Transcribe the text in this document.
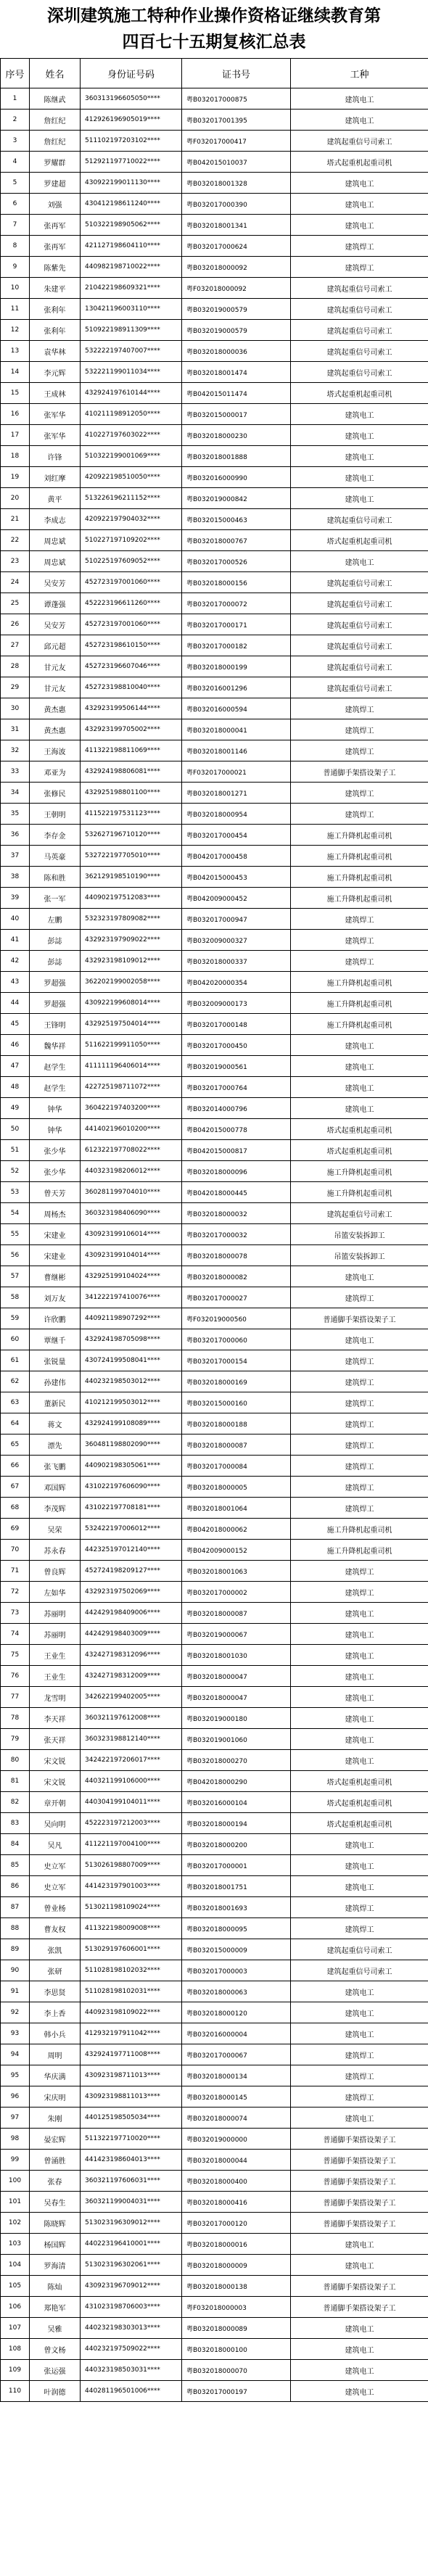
深圳建筑施工特种作业操作资格证继续教育第
四百七十五期复核汇总表
序号	姓名	身份证号码	证书号	工种
1	陈继武	360313196605050****	粤B032017000875	建筑电工
2	詹红纪	412926196905019****	粤B032017001395	建筑电工
3	詹红纪	511102197203102****	粤F032017000417	建筑起重信号司索工
4	罗耀群	512921197710022****	粤B042015010037	塔式起重机起重司机
5	罗建超	430922199011130****	粤B032018001328	建筑电工
6	刘强	430412198611240****	粤B032017000390	建筑电工
7	张再军	510322198905062****	粤B032018001341	建筑电工
8	张再军	421127198604110****	粤B032017000624	建筑焊工
9	陈紫先	440982198710022****	粤B032018000092	建筑焊工
10	朱建平	210422198609321****	粤F032018000092	建筑起重信号司索工
11	张利年	130421196003110****	粤B032019000579	建筑起重信号司索工
12	张利年	510922198911309****	粤B032019000579	建筑起重信号司索工
13	袁华林	532222197407007****	粤B032018000036	建筑起重信号司索工
14	李元辉	532221199011034****	粤B032018001474	建筑起重信号司索工
15	王成林	432924197610144****	粤B042015011474	塔式起重机起重司机
16	张军华	410211198912050****	粤B032015000017	建筑电工
17	张军华	410227197603022****	粤B032018000230	建筑电工
18	许锋	510322199001069****	粤B032018001888	建筑电工
19	刘红摩	420922198510050****	粤B032016000990	建筑电工
20	黄平	513226196211152****	粤B032019000842	建筑电工
21	李成志	420922197904032****	粤B032015000463	建筑起重信号司索工
22	周忠斌	510227197109202****	粤B032018000767	塔式起重机起重司机
23	周忠斌	510225197609052****	粤B032017000526	建筑电工
24	吴安芳	452723197001060****	粤B032018000156	建筑起重信号司索工
25	谭蓬强	452223196611260****	粤B032017000072	建筑起重信号司索工
26	吴安芳	452723197001060****	粤B032017000171	建筑起重信号司索工
27	邱元超	452723198610150****	粤B032017000182	建筑起重信号司索工
28	甘元友	452723196607046****	粤B032018000199	建筑起重信号司索工
29	甘元友	452723198810040****	粤B032016001296	建筑起重信号司索工
30	黄杰惠	432923199506144****	粤B032016000594	建筑焊工
31	黄杰惠	432923199705002****	粤B032018000041	建筑焊工
32	王海波	411322198811069****	粤B032018001146	建筑焊工
33	邓亚为	432924198806081****	粤F032017000021	普通脚手架搭设架子工
34	张修民	432925198801100****	粤B032018001271	建筑焊工
35	王朝明	411522197531123****	粤B032018000954	建筑焊工
36	李存金	532627196710120****	粤B032017000454	施工升降机起重司机
37	马英豪	532722197705010****	粤B042017000458	施工升降机起重司机
38	陈和胜	362129198510190****	粤B042015000453	施工升降机起重司机
39	张一军	440902197512083****	粤B042009000452	施工升降机起重司机
40	左鹏	532323197809082****	粤B032017000947	建筑焊工
41	彭誌	432923197909022****	粤B032009000327	建筑焊工
42	彭誌	432923198109012****	粤B032018000337	建筑焊工
43	罗超强	362202199002058****	粤B042020000354	施工升降机起重司机
44	罗超强	430922199608014****	粤B032009000173	施工升降机起重司机
45	王锋明	432925197504014****	粤B032017000148	施工升降机起重司机
46	魏华祥	511622199911050****	粤B032017000450	建筑电工
47	赵学生	411111196406014****	粤B032019000561	建筑电工
48	赵学生	422725198711072****	粤B032017000764	建筑电工
49	钟华	360422197403200****	粤B032014000796	建筑电工
50	钟华	441402196010200****	粤B042015000778	塔式起重机起重司机
51	张少华	612322197708022****	粤B042015000817	塔式起重机起重司机
52	张少华	440323198206012****	粤B032018000096	施工升降机起重司机
53	曾天芳	360281199704010****	粤B042018000445	施工升降机起重司机
54	周杨杰	360323198406090****	粤B032018000032	建筑起重信号司索工
55	宋建业	430923199106014****	粤B032017000032	吊篮安装拆卸工
56	宋建业	430923199104014****	粤B032018000078	吊篮安装拆卸工
57	曹继彬	432925199104024****	粤B032018000082	建筑电工
58	刘万友	341222197410076****	粤B032017000027	建筑焊工
59	许欣鹏	440921198907292****	粤F032019000560	普通脚手架搭设架子工
60	覃继千	432924198705098****	粤B032017000060	建筑电工
61	张锐量	430724199508041****	粤B032017000154	建筑焊工
62	孙建伟	440232198503012****	粤B032018000169	建筑焊工
63	董新民	410212199503012****	粤B032015000160	建筑焊工
64	蒋文	432924199108089****	粤B032018000188	建筑焊工
65	漂先	360481198802090****	粤B032018000087	建筑焊工
66	张飞鹏	440902198305061****	粤B032017000084	建筑焊工
67	邓国辉	431022197606090****	粤B032018000005	建筑焊工
68	李茂辉	431022197708181****	粤B032018001064	建筑焊工
69	吴荣	532422197006012****	粤B042018000062	施工升降机起重司机
70	苏永春	442325197012140****	粤B042009000152	施工升降机起重司机
71	曾良辉	452724198209127****	粤B032018001063	建筑焊工
72	左如华	432923197502069****	粤B032017000002	建筑焊工
73	苏丽明	442429198409006****	粤B032018000087	建筑电工
74	苏丽明	442429198403009****	粤B032019000067	建筑电工
75	王业生	432427198312096****	粤B032018001030	建筑电工
76	王业生	432427198312009****	粤B032018000047	建筑电工
77	龙雪明	342622199402005****	粤B032018000047	建筑电工
78	李天祥	360321197612008****	粤B032019000180	建筑电工
79	张天祥	360323198812140****	粤B032019001060	建筑电工
80	宋文锐	342422197206017****	粤B032018000270	建筑电工
81	宋文锐	440321199106000****	粤B042018000290	塔式起重机起重司机
82	章开朝	440304199104011****	粤B032016000104	塔式起重机起重司机
83	吴向明	452223197212003****	粤B032018000194	塔式起重机起重司机
84	吴凡	411221197004100****	粤B032018000200	建筑电工
85	史立军	513026198807009****	粤B032017000001	建筑电工
86	史立军	441423197901003****	粤B032018001751	建筑电工
87	曾业杨	513021198109024****	粤B032018001693	建筑焊工
88	曹友权	411322198009008****	粤B032018000095	建筑焊工
89	张凯	513029197606001****	粤B032015000009	建筑起重信号司索工
90	张研	511028198102032****	粤B032017000003	建筑起重信号司索工
91	李思贤	511028198102031****	粤B032018000063	建筑电工
92	李上香	440923198109022****	粤B032018000120	建筑电工
93	韩小兵	412932197911042****	粤B032016000004	建筑电工
94	周明	432924197711008****	粤B032017000067	建筑焊工
95	华庆满	430923198711013****	粤B032018000134	建筑焊工
96	宋庆明	430923198811013****	粤B032018000145	建筑焊工
97	朱刚	440125198505034****	粤B032018000074	建筑电工
98	晏宏辉	511322197710020****	粤B032019000000	普通脚手架搭设架子工
99	曾涌胜	441423198604013****	粤B032018000044	普通脚手架搭设架子工
100	张春	360321197606031****	粤B032018000400	普通脚手架搭设架子工
101	吴春生	360321199004031****	粤B032018000416	普通脚手架搭设架子工
102	陈晓辉	513023196309012****	粤B032017000120	普通脚手架搭设架子工
103	杨国辉	440223196410001****	粤B032018000016	建筑电工
104	罗海清	513023196302061****	粤B032018000009	建筑电工
105	陈灿	430923196709012****	粤B032018000138	普通脚手架搭设架子工
106	郑艳军	431023198706003****	粤F032018000003	普通脚手架搭设架子工
107	吴雅	440232198303013****	粤B032018000089	建筑电工
108	曾文杨	440232197509022****	粤B032018000100	建筑电工
109	张运强	440323198503031****	粤B032018000070	建筑电工
110	叶润德	440281196501006****	粤B032017000197	建筑电工
